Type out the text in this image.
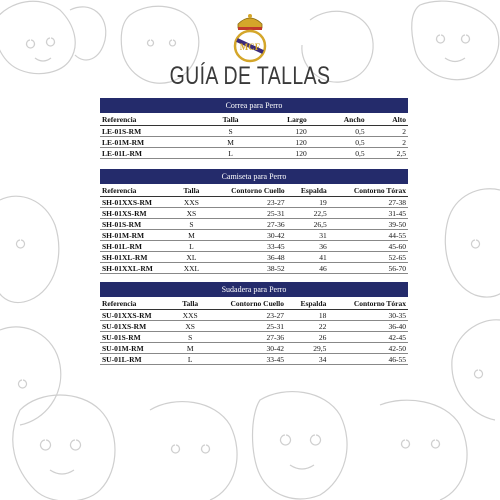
MCF
GUÍA DE TALLAS
Correa para Perro				
Referencia	Talla	Largo	Ancho	Alto
LE-01S-RM	S	120	0,5	2
LE-01M-RM	M	120	0,5	2
LE-01L-RM	L	120	0,5	2,5
Camiseta para Perro				
Referencia	Talla	Contorno Cuello	Espalda	Contorno Tórax
SH-01XXS-RM	XXS	23-27	19	27-38
SH-01XS-RM	XS	25-31	22,5	31-45
SH-01S-RM	S	27-36	26,5	39-50
SH-01M-RM	M	30-42	31	44-55
SH-01L-RM	L	33-45	36	45-60
SH-01XL-RM	XL	36-48	41	52-65
SH-01XXL-RM	XXL	38-52	46	56-70
Sudadera para Perro				
Referencia	Talla	Contorno Cuello	Espalda	Contorno Tórax
SU-01XXS-RM	XXS	23-27	18	30-35
SU-01XS-RM	XS	25-31	22	36-40
SU-01S-RM	S	27-36	26	42-45
SU-01M-RM	M	30-42	29,5	42-50
SU-01L-RM	L	33-45	34	46-55
